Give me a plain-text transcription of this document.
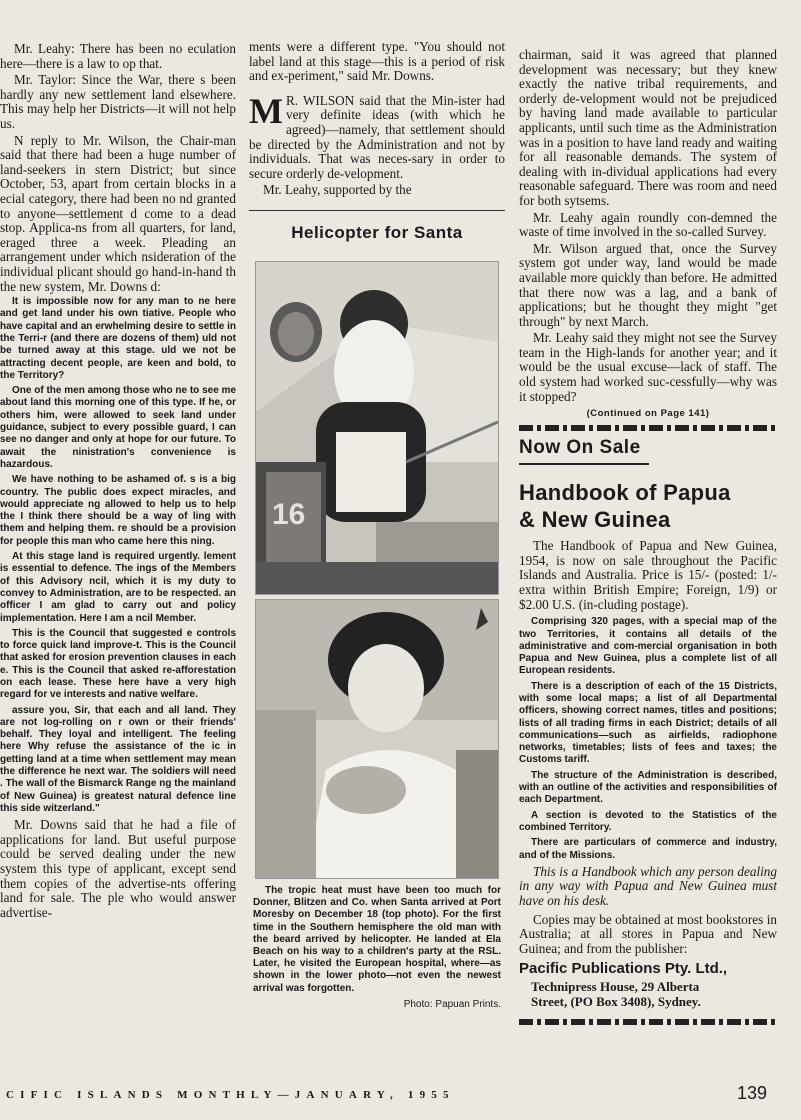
Mr. Leahy: There has been no eculation here—there is a law to op that.

Mr. Taylor: Since the War, there s been hardly any new settlement land elsewhere. This may help her Districts—it will not help us.

N reply to Mr. Wilson, the Chair-man said that there had been a huge number of land-seekers in stern District; but since October, 53, apart from certain blocks in a ecial category, there had been no nd granted to anyone—settlement d come to a dead stop. Applica-ns from all quarters, for land, eraged three a week. Pleading an arrangement under which nsideration of the individual plicant should go hand-in-hand th the new system, Mr. Downs d:

It is impossible now for any man to ne here and get land under his own tiative. People who have capital and an erwhelming desire to settle in the Terri-r (and there are dozens of them) uld not be turned away at this stage. uld we not be attracting decent people, are keen and bold, to the Territory?

One of the men among those who ne to see me about land this morning one of this type. If he, or others him, were allowed to seek land under guidance, subject to every possible guard, I can see no danger and only at hope for our future. To await the ninistration's convenience is hazardous.

We have nothing to be ashamed of. s is a big country. The public does expect miracles, and would appreciate ng allowed to help us to help the I think there should be a way of ling with them and helping them. re should be a provision for people this man who came here this ning.

At this stage land is required urgently. lement is essential to defence. The ings of the Members of this Advisory ncil, which it is my duty to convey to Administration, are to be respected. an officer I am glad to carry out and policy implementation. Here I am a ncil Member.

This is the Council that suggested e controls to force quick land improve-t. This is the Council that asked for erosion prevention clauses in each e. This is the Council that asked re-afforestation on each lease. These here have a very high regard for ve interests and native welfare.

assure you, Sir, that each and all land. They are not log-rolling on r own or their friends' behalf. They loyal and intelligent. The feeling here Why refuse the assistance of the ic in getting land at a time when settlement may mean the difference he next war. The soldiers will need . The wall of the Bismarck Range ng the mainland of New Guinea) is greatest natural defence line this side witzerland."

Mr. Downs said that he had a file of applications for land. But useful purpose could be served dealing under the new system this type of applicant, except send them copies of the advertise-nts offering land for sale. The ple who would answer advertise-

ments were a different type. "You should not label land at this stage—this is a period of risk and ex-periment," said Mr. Downs.

M R. WILSON said that the Min-ister had very definite ideas (with which he agreed)—namely, that settlement should be directed by the Administration and not by individuals. That was neces-sary in order to secure orderly de-velopment.

Mr. Leahy, supported by the

Helicopter for Santa
16

The tropic heat must have been too much for Donner, Blitzen and Co. when Santa arrived at Port Moresby on December 18 (top photo). For the first time in the Southern hemisphere the old man with the beard arrived by helicopter. He landed at Ela Beach on his way to a children's party at the RSL. Later, he visited the European hospital, where—as shown in the lower photo—not even the newest arrival was forgotten.

Photo: Papuan Prints.

chairman, said it was agreed that planned development was necessary; but they knew exactly the native tribal requirements, and orderly de-velopment would not be prejudiced by having land made available to particular applicants, until such time as the Administration was in a position to have land ready and waiting for all reasonable demands. The system of dealing with in-dividual applications had every reasonable safeguard. There was room and need for both sytsems.

Mr. Leahy again roundly con-demned the waste of time involved in the so-called Survey.

Mr. Wilson argued that, once the Survey system got under way, land would be made available more quickly than before. He admitted that there now was a lag, and a bank of applications; but he thought they might "get through" by next March.

Mr. Leahy said they might not see the Survey team in the High-lands for another year; and it would be the usual excuse—lack of staff. The old system had worked suc-cessfully—why was it stopped?

(Continued on Page 141)
Now On Sale
Handbook of Papua
& New Guinea

The Handbook of Papua and New Guinea, 1954, is now on sale throughout the Pacific Islands and Australia. Price is 15/- (posted: 1/- extra within British Empire; Foreign, 1/9) or $2.00 U.S. (in-cluding postage).

Comprising 320 pages, with a special map of the two Territories, it contains all details of the administrative and com-mercial organisation in both Papua and New Guinea, plus a complete list of all European residents.

There is a description of each of the 15 Districts, with some local maps; a list of all Departmental officers, showing correct names, titles and positions; lists of all trading firms in each District; details of all communications—such as airfields, radiophone networks, timetables; lists of fees and taxes; the Customs tariff.

The structure of the Administration is described, with an outline of the activities and responsibilities of each Department.

A section is devoted to the Statistics of the combined Territory.

There are particulars of commerce and industry, and of the Missions.

This is a Handbook which any person dealing in any way with Papua and New Guinea must have on his desk.

Copies may be obtained at most bookstores in Australia; at all stores in Papua and New Guinea; and from the publisher:

Pacific Publications Pty. Ltd.,
Technipress House, 29 Alberta
Street, (PO Box 3408), Sydney.
CIFIC ISLANDS MONTHLY—JANUARY, 1955	139
